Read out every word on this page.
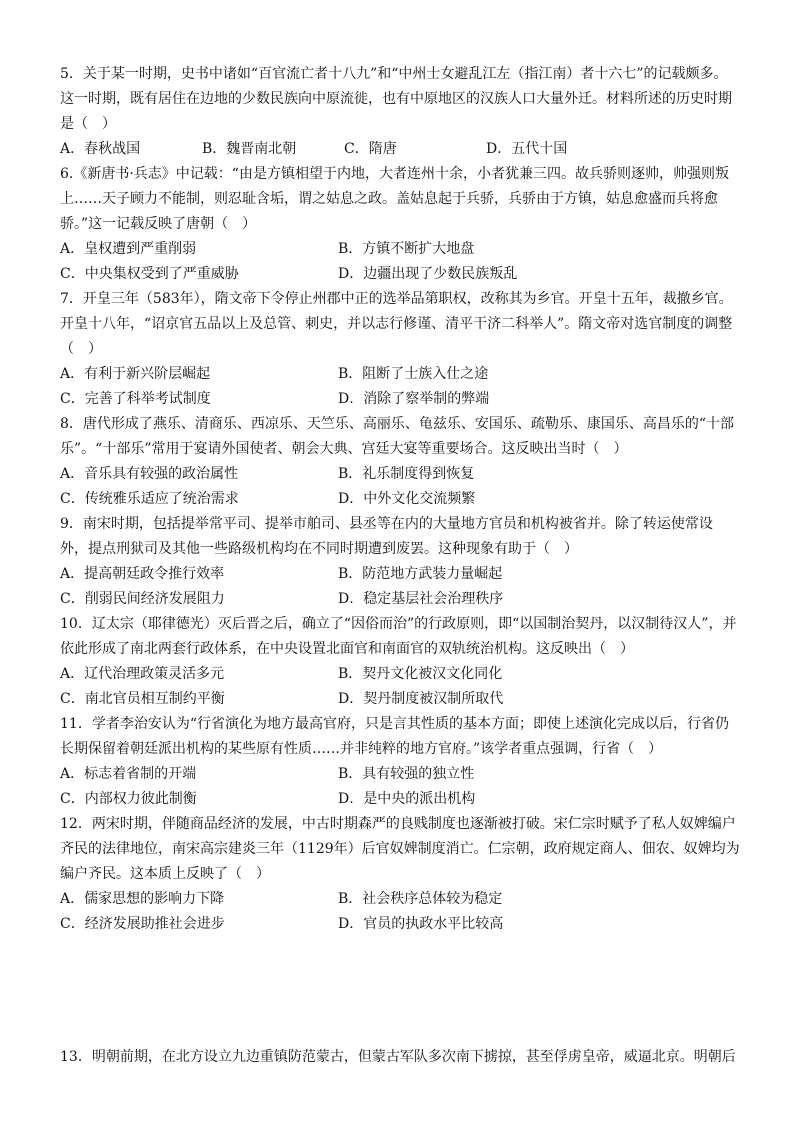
5．关于某一时期，史书中诸如“百官流亡者十八九”和“中州士女避乱江左（指江南）者十六七”的记载颇多。这一时期，既有居住在边地的少数民族向中原流徙，也有中原地区的汉族人口大量外迁。材料所述的历史时期是（　）
A．春秋战国	B．魏晋南北朝	C．隋唐	D．五代十国
6.《新唐书·兵志》中记载：“由是方镇相望于内地，大者连州十余，小者犹兼三四。故兵骄则逐帅，帅强则叛上……天子顾力不能制，则忍耻含垢，谓之姑息之政。盖姑息起于兵骄，兵骄由于方镇，姑息愈盛而兵将愈骄。”这一记载反映了唐朝（　）
A．皇权遭到严重削弱	B．方镇不断扩大地盘
C．中央集权受到了严重威胁	D．边疆出现了少数民族叛乱
7．开皇三年（583年），隋文帝下令停止州郡中正的选举品第职权，改称其为乡官。开皇十五年，裁撤乡官。开皇十八年，“诏京官五品以上及总管、刺史，并以志行修谨、清平干济二科举人”。隋文帝对选官制度的调整（　）
A．有利于新兴阶层崛起	B．阻断了士族入仕之途
C．完善了科举考试制度	D．消除了察举制的弊端
8．唐代形成了燕乐、清商乐、西凉乐、天竺乐、高丽乐、龟兹乐、安国乐、疏勒乐、康国乐、高昌乐的“十部乐”。“十部乐”常用于宴请外国使者、朝会大典、宫廷大宴等重要场合。这反映出当时（　）
A．音乐具有较强的政治属性	B．礼乐制度得到恢复
C．传统雅乐适应了统治需求	D．中外文化交流频繁
9．南宋时期，包括提举常平司、提举市舶司、县丞等在内的大量地方官员和机构被省并。除了转运使常设外，提点刑狱司及其他一些路级机构均在不同时期遭到废罢。这种现象有助于（　）
A．提高朝廷政令推行效率	B．防范地方武装力量崛起
C．削弱民间经济发展阻力	D．稳定基层社会治理秩序
10．辽太宗（耶律德光）灭后晋之后，确立了“因俗而治”的行政原则，即“以国制治契丹，以汉制待汉人”，并依此形成了南北两套行政体系，在中央设置北面官和南面官的双轨统治机构。这反映出（　）
A．辽代治理政策灵活多元	B．契丹文化被汉文化同化
C．南北官员相互制约平衡	D．契丹制度被汉制所取代
11．学者李治安认为“行省演化为地方最高官府，只是言其性质的基本方面；即使上述演化完成以后，行省仍长期保留着朝廷派出机构的某些原有性质……并非纯粹的地方官府。”该学者重点强调，行省（　）
A．标志着省制的开端	B．具有较强的独立性
C．内部权力彼此制衡	D．是中央的派出机构
12．两宋时期，伴随商品经济的发展，中古时期森严的良贱制度也逐渐被打破。宋仁宗时赋予了私人奴婢编户齐民的法律地位，南宋高宗建炎三年（1129年）后官奴婢制度消亡。仁宗朝，政府规定商人、佃农、奴婢均为编户齐民。这本质上反映了（　）
A．儒家思想的影响力下降	B．社会秩序总体较为稳定
C．经济发展助推社会进步	D．官员的执政水平比较高
13．明朝前期，在北方设立九边重镇防范蒙古，但蒙古军队多次南下掳掠，甚至俘虏皇帝，威逼北京。明朝后
